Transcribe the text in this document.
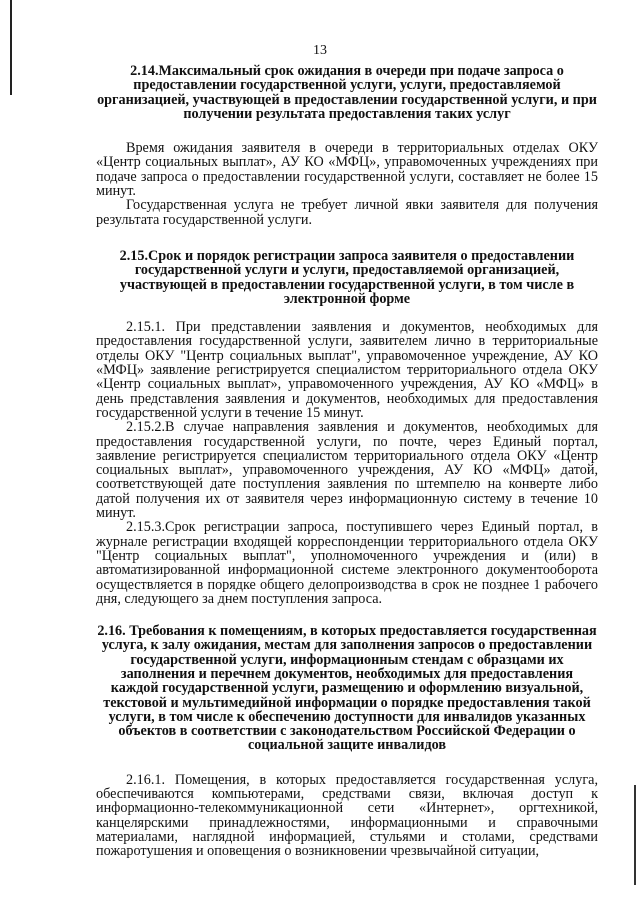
13
2.14.Максимальный срок ожидания в очереди при подаче запроса о предоставлении государственной услуги, услуги, предоставляемой организацией, участвующей в предоставлении государственной услуги, и при получении результата предоставления таких услуг

Время ожидания заявителя в очереди в территориальных отделах ОКУ «Центр социальных выплат», АУ КО «МФЦ», управомоченных учреждениях при подаче запроса о предоставлении государственной услуги, составляет не более 15 минут.

Государственная услуга не требует личной явки заявителя для получения результата государственной услуги.

2.15.Срок и порядок регистрации запроса заявителя о предоставлении государственной услуги и услуги, предоставляемой организацией, участвующей в предоставлении государственной услуги, в том числе в электронной форме

2.15.1. При представлении заявления и документов, необходимых для предоставления государственной услуги, заявителем лично в территориальные отделы ОКУ "Центр социальных выплат", управомоченное учреждение, АУ КО «МФЦ» заявление регистрируется специалистом территориального отдела ОКУ «Центр социальных выплат», управомоченного учреждения, АУ КО «МФЦ» в день представления заявления и документов, необходимых для предоставления государственной услуги в течение 15 минут.

2.15.2.В случае направления заявления и документов, необходимых для предоставления государственной услуги, по почте, через Единый портал, заявление регистрируется специалистом территориального отдела ОКУ «Центр социальных выплат», управомоченного учреждения, АУ КО «МФЦ» датой, соответствующей дате поступления заявления по штемпелю на конверте либо датой получения их от заявителя через информационную систему в течение 10 минут.

2.15.3.Срок регистрации запроса, поступившего через Единый портал, в журнале регистрации входящей корреспонденции территориального отдела ОКУ "Центр социальных выплат", уполномоченного учреждения и (или) в автоматизированной информационной системе электронного документооборота осуществляется в порядке общего делопроизводства в срок не позднее 1 рабочего дня, следующего за днем поступления запроса.

2.16. Требования к помещениям, в которых предоставляется государственная услуга, к залу ожидания, местам для заполнения запросов о предоставлении государственной услуги, информационным стендам с образцами их заполнения и перечнем документов, необходимых для предоставления каждой государственной услуги, размещению и оформлению визуальной, текстовой и мультимедийной информации о порядке предоставления такой услуги, в том числе к обеспечению доступности для инвалидов указанных объектов в соответствии с законодательством Российской Федерации о социальной защите инвалидов

2.16.1. Помещения, в которых предоставляется государственная услуга, обеспечиваются компьютерами, средствами связи, включая доступ к информационно-телекоммуникационной сети «Интернет», оргтехникой, канцелярскими принадлежностями, информационными и справочными материалами, наглядной информацией, стульями и столами, средствами пожаротушения и оповещения о возникновении чрезвычайной ситуации,
